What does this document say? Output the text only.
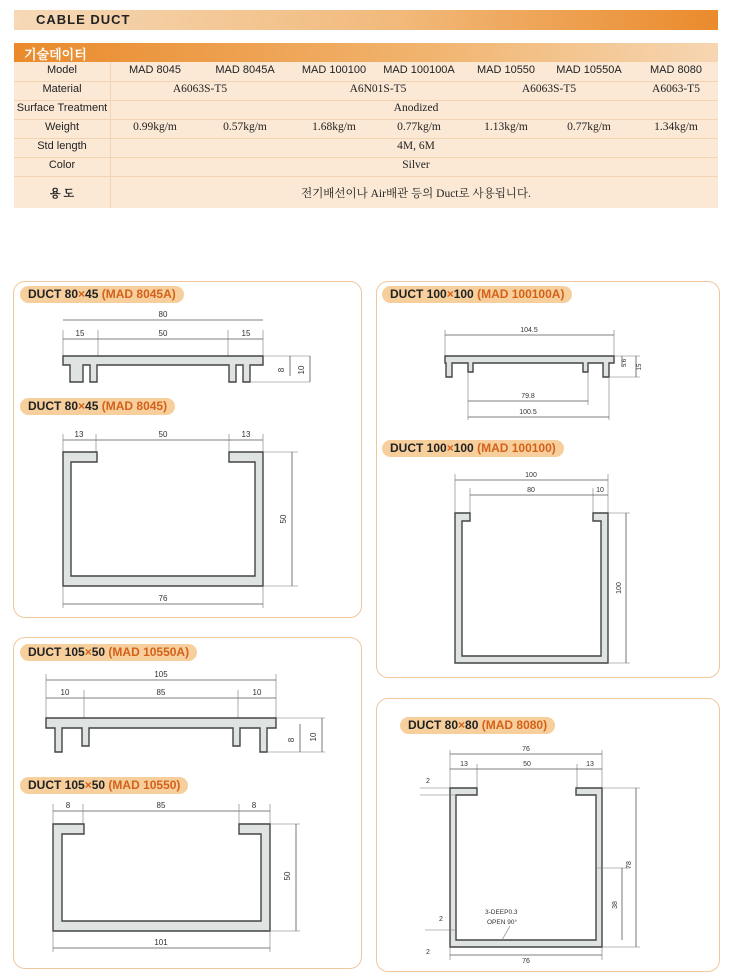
CABLE DUCT
기술데이터
Model	MAD 8045	MAD 8045A	MAD 100100	MAD 100100A	MAD 10550	MAD 10550A	MAD 8080
Material	A6063S-T5	A6N01S-T5	A6063S-T5	A6063-T5
Surface Treatment	Anodized
Weight	0.99kg/m	0.57kg/m	1.68kg/m	0.77kg/m	1.13kg/m	0.77kg/m	1.34kg/m
Std length	4M, 6M
Color	Silver
용 도	전기배선이나 Air배관 등의 Duct로 사용됩니다.
DUCT 80×45 (MAD 8045A)
80
15	50	15
8 10
DUCT 80×45 (MAD 8045)
13	50	13
50
76
DUCT 105×50 (MAD 10550A)
105
10	85	10
8 10
DUCT 105×50 (MAD 10550)
8	85	8
50
101
DUCT 100×100 (MAD 100100A)
104.5
5.6 15
79.8
100.5
DUCT 100×100 (MAD 100100)
100
80	10
100
DUCT 80×80 (MAD 8080)
76
13	50	13
78
38
2
2
2
3-DEEP0.3
OPEN 90°
76
